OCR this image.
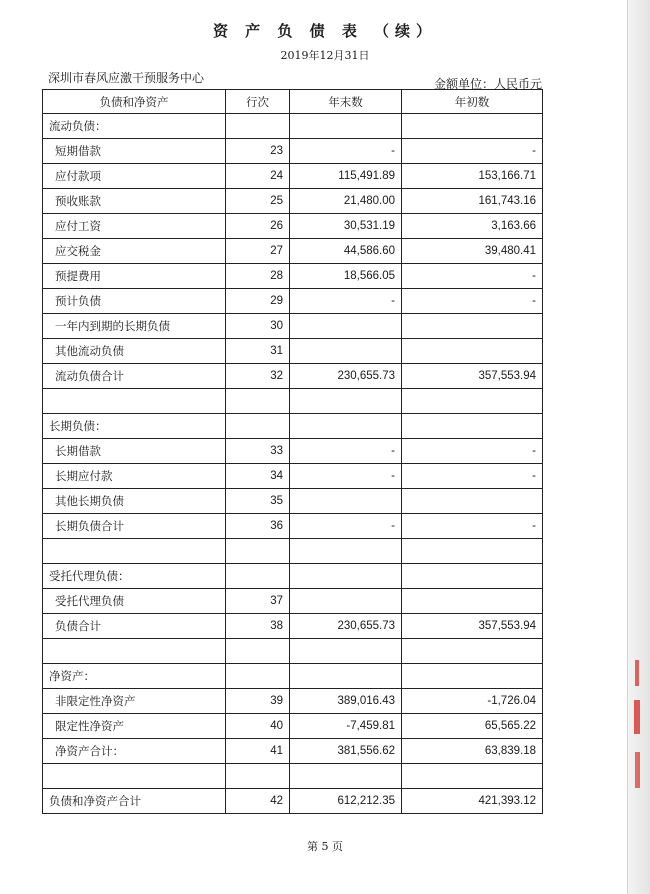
资 产 负 债 表 （续）
2019年12月31日
深圳市春风应激干预服务中心	金额单位：人民币元
负债和净资产	行次	年末数	年初数
流动负债：			
短期借款	23	-	-
应付款项	24	115,491.89	153,166.71
预收账款	25	21,480.00	161,743.16
应付工资	26	30,531.19	3,163.66
应交税金	27	44,586.60	39,480.41
预提费用	28	18,566.05	-
预计负债	29	-	-
一年内到期的长期负债	30		
其他流动负债	31		
流动负债合计	32	230,655.73	357,553.94

长期负债：			
长期借款	33	-	-
长期应付款	34	-	-
其他长期负债	35		
长期负债合计	36	-	-

受托代理负债：			
受托代理负债	37		
负债合计	38	230,655.73	357,553.94

净资产：			
非限定性净资产	39	389,016.43	-1,726.04
限定性净资产	40	-7,459.81	65,565.22
净资产合计：	41	381,556.62	63,839.18

负债和净资产合计	42	612,212.35	421,393.12
第 5 页
